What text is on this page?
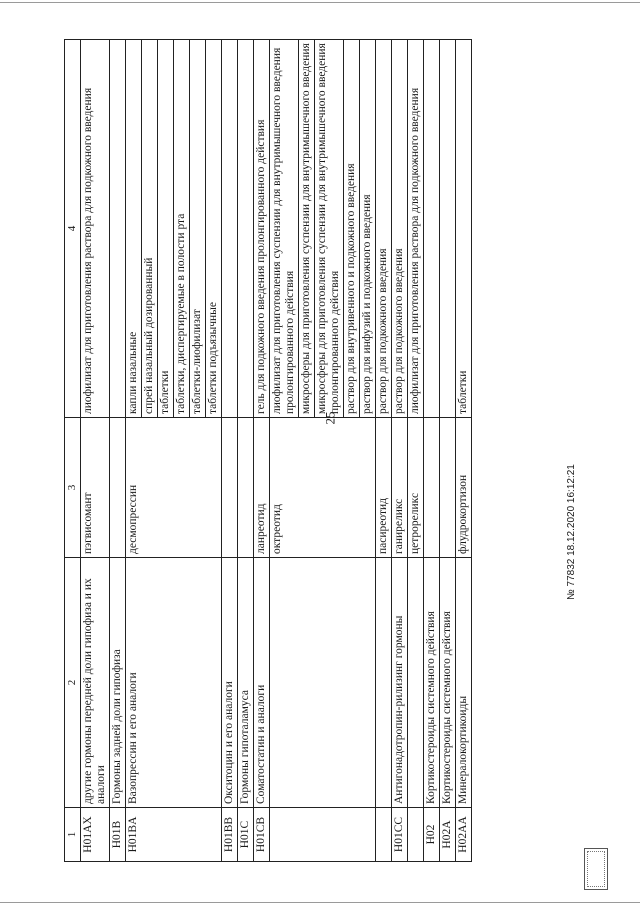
25
1	2	3	4
H01AX	другие гормоны передней доли гипофиза и их аналоги	пэгвисомант	лиофилизат для приготовления раствора для подкожного введения
H01B	Гормоны задней доли гипофиза		
H01BA	Вазопрессин и его аналоги	десмопрессин	капли назальные
			спрей назальный дозированный
			таблетки
			таблетки, диспергируемые в полости рта
			таблетки-лиофилизат
			таблетки подъязычные
H01BB	Окситоцин и его аналоги		
H01C	Гормоны гипоталамуса		
H01CB	Соматостатин и аналоги	ланреотид	гель для подкожного введения пролонгированного действия
		октреотид	лиофилизат для приготовления суспензии для внутримышечного введения пролонгированного действия
			микросферы для приготовления суспензии для внутримышечного введения
			микросферы для приготовления суспензии для внутримышечного введения пролонгированного действия
			раствор для внутривенного и подкожного введения
			раствор для инфузий и подкожного введения
		пасиреотид	раствор для подкожного введения
H01CC	Антигонадотропин-рилизинг гормоны	ганиреликс	раствор для подкожного введения
		цетрореликс	лиофилизат для приготовления раствора для подкожного введения
H02	Кортикостероиды системного действия		
H02A	Кортикостероиды системного действия		
H02AA	Минералокортикоиды	флудрокортизон	таблетки
№ 77832 18.12.2020 16:12:21
